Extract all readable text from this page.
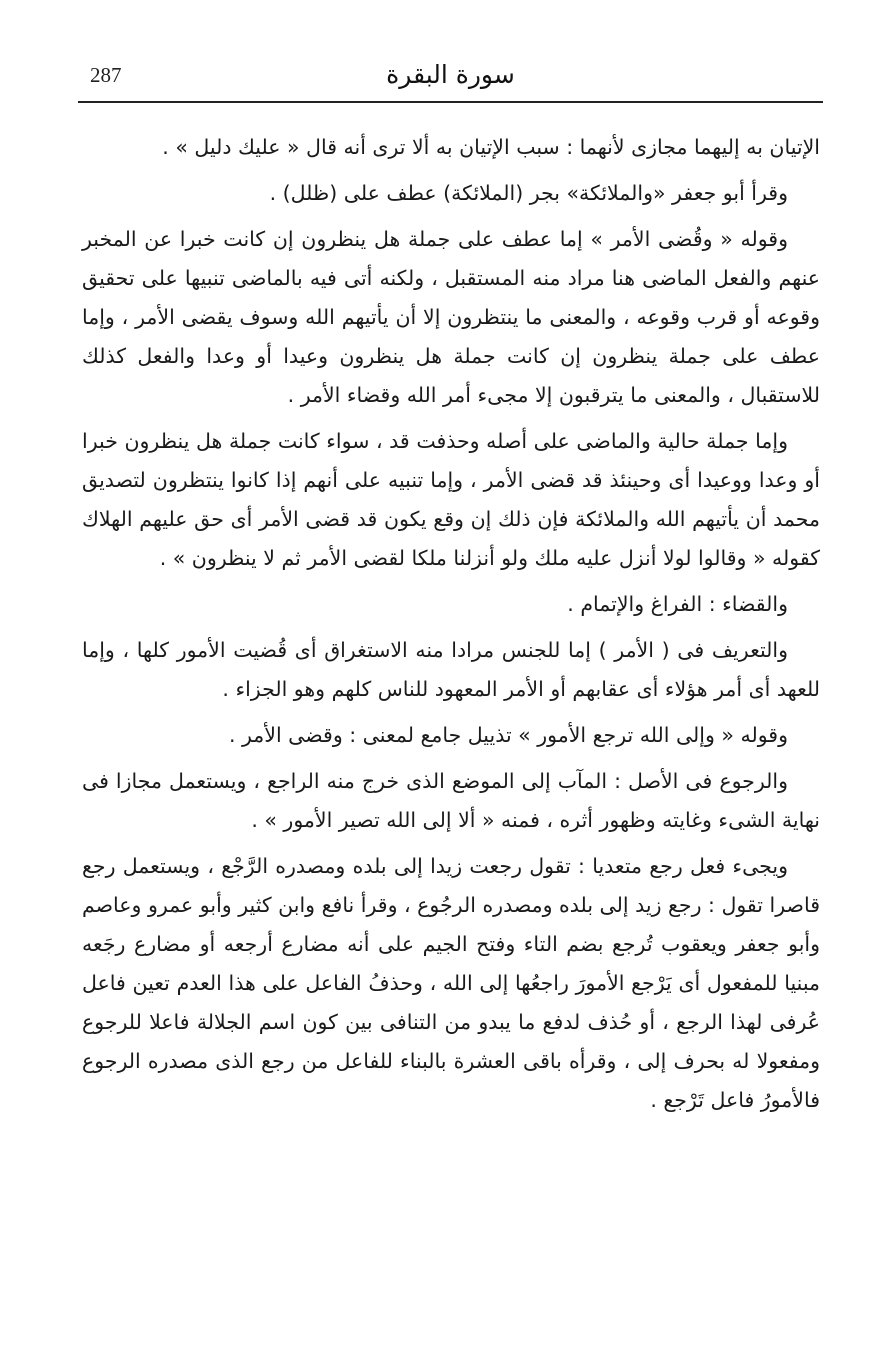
287	سورة البقرة

الإتيان به إليهما مجازى لأنهما : سبب الإتيان به ألا ترى أنه قال « عليك دليل » .

وقرأ أبو جعفر «والملائكة» بجر (الملائكة) عطف على (ظلل) .

وقوله « وقُضى الأمر » إما عطف على جملة هل ينظرون إن كانت خبرا عن المخبر عنهم والفعل الماضى هنا مراد منه المستقبل ، ولكنه أتى فيه بالماضى تنبيها على تحقيق وقوعه أو قرب وقوعه ، والمعنى ما ينتظرون إلا أن يأتيهم الله وسوف يقضى الأمر ، وإما عطف على جملة ينظرون إن كانت جملة هل ينظرون وعيدا أو وعدا والفعل كذلك للاستقبال ، والمعنى ما يترقبون إلا مجىء أمر الله وقضاء الأمر .

وإما جملة حالية والماضى على أصله وحذفت قد ، سواء كانت جملة هل ينظرون خبرا أو وعدا ووعيدا أى وحينئذ قد قضى الأمر ، وإما تنبيه على أنهم إذا كانوا ينتظرون لتصديق محمد أن يأتيهم الله والملائكة فإن ذلك إن وقع يكون قد قضى الأمر أى حق عليهم الهلاك كقوله « وقالوا لولا أنزل عليه ملك ولو أنزلنا ملكا لقضى الأمر ثم لا ينظرون » .

والقضاء : الفراغ والإتمام .

والتعريف فى ( الأمر ) إما للجنس مرادا منه الاستغراق أى قُضيت الأمور كلها ، وإما للعهد أى أمر هؤلاء أى عقابهم أو الأمر المعهود للناس كلهم وهو الجزاء .

وقوله « وإلى الله ترجع الأمور » تذييل جامع لمعنى : وقضى الأمر .

والرجوع فى الأصل : المآب إلى الموضع الذى خرج منه الراجع ، ويستعمل مجازا فى نهاية الشىء وغايته وظهور أثره ، فمنه « ألا إلى الله تصير الأمور » .

ويجىء فعل رجع متعديا : تقول رجعت زيدا إلى بلده ومصدره الرَّجْع ، ويستعمل رجع قاصرا تقول : رجع زيد إلى بلده ومصدره الرجُوع ، وقرأ نافع وابن كثير وأبو عمرو وعاصم وأبو جعفر ويعقوب تُرجع بضم التاء وفتح الجيم على أنه مضارع أرجعه أو مضارع رجَعه مبنيا للمفعول أى يَرْجع الأمورَ راجعُها إلى الله ، وحذفُ الفاعل على هذا العدم تعين فاعل عُرفى لهذا الرجع ، أو حُذف لدفع ما يبدو من التنافى بين كون اسم الجلالة فاعلا للرجوع ومفعولا له بحرف إلى ، وقرأه باقى العشرة بالبناء للفاعل من رجع الذى مصدره الرجوع فالأمورُ فاعل تَرْجع .
